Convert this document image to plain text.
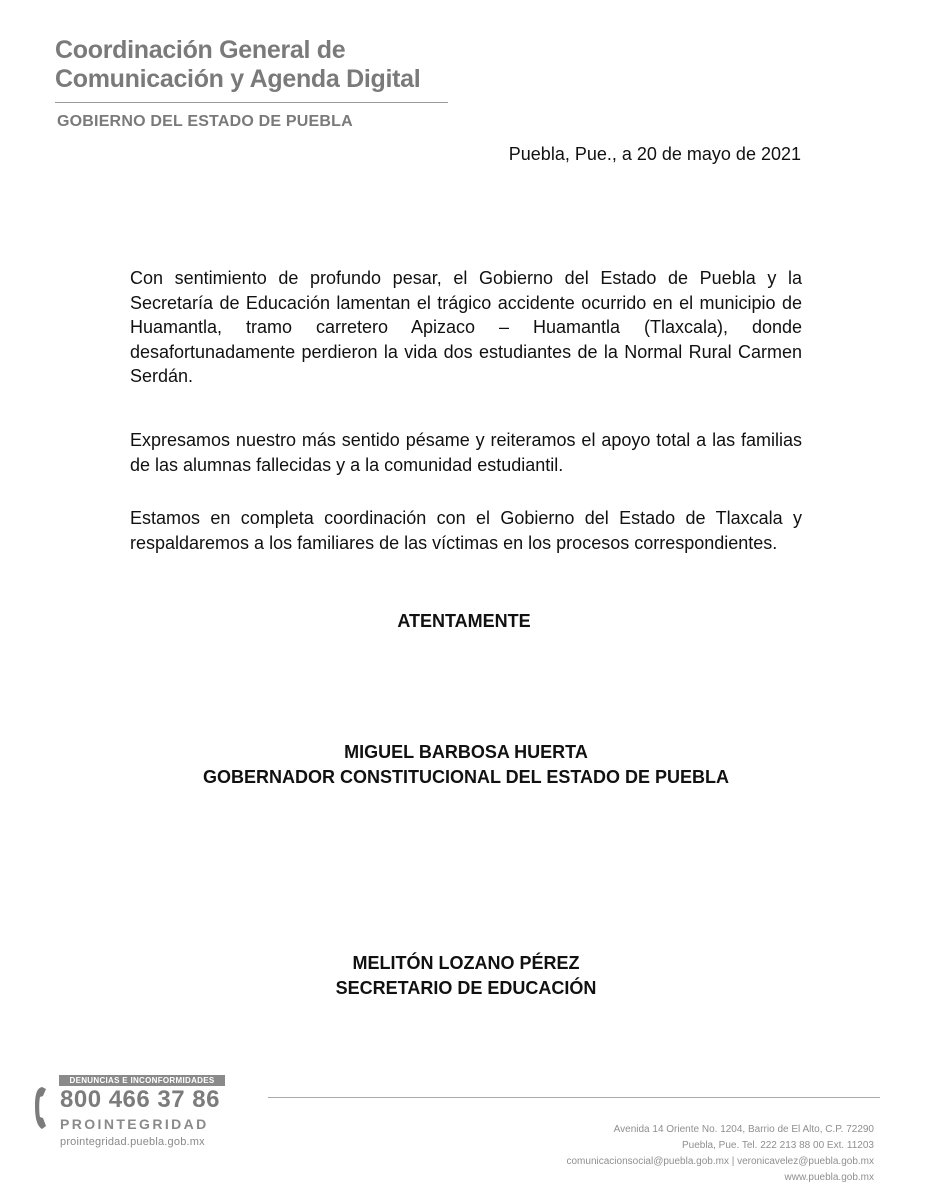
Coordinación General de
Comunicación y Agenda Digital
GOBIERNO DEL ESTADO DE PUEBLA
Puebla, Pue., a 20 de mayo de 2021
Con sentimiento de profundo pesar, el Gobierno del Estado de Puebla y la Secretaría de Educación lamentan el trágico accidente ocurrido en el municipio de Huamantla, tramo carretero Apizaco – Huamantla (Tlaxcala), donde desafortunadamente perdieron la vida dos estudiantes de la Normal Rural Carmen Serdán.
Expresamos nuestro más sentido pésame y reiteramos el apoyo total a las familias de las alumnas fallecidas y a la comunidad estudiantil.
Estamos en completa coordinación con el Gobierno del Estado de Tlaxcala y respaldaremos a los familiares de las víctimas en los procesos correspondientes.
ATENTAMENTE
MIGUEL BARBOSA HUERTA
GOBERNADOR CONSTITUCIONAL DEL ESTADO DE PUEBLA
MELITÓN LOZANO PÉREZ
SECRETARIO DE EDUCACIÓN
DENUNCIAS E INCONFORMIDADES
800 466 37 86
PROINTEGRIDAD
prointegridad.puebla.gob.mx
Avenida 14 Oriente No. 1204, Barrio de El Alto, C.P. 72290
Puebla, Pue. Tel. 222 213 88 00 Ext. 11203
comunicacionsocial@puebla.gob.mx | veronicavelez@puebla.gob.mx
www.puebla.gob.mx
